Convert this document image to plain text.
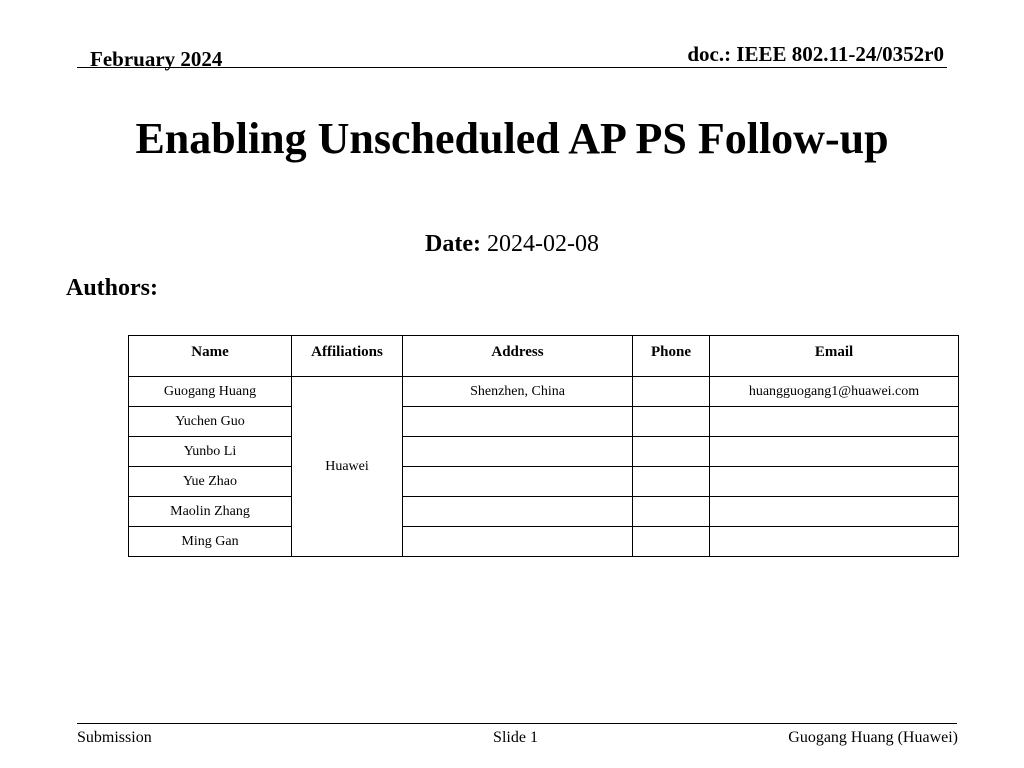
February 2024	doc.: IEEE 802.11-24/0352r0
Enabling Unscheduled AP PS Follow-up
Date: 2024-02-08
Authors:
Name	Affiliations	Address	Phone	Email
Guogang Huang	Huawei	Shenzhen, China		huangguogang1@huawei.com
Yuchen Guo				
Yunbo Li				
Yue Zhao				
Maolin Zhang				
Ming Gan				
Submission	Slide 1	Guogang Huang (Huawei)
